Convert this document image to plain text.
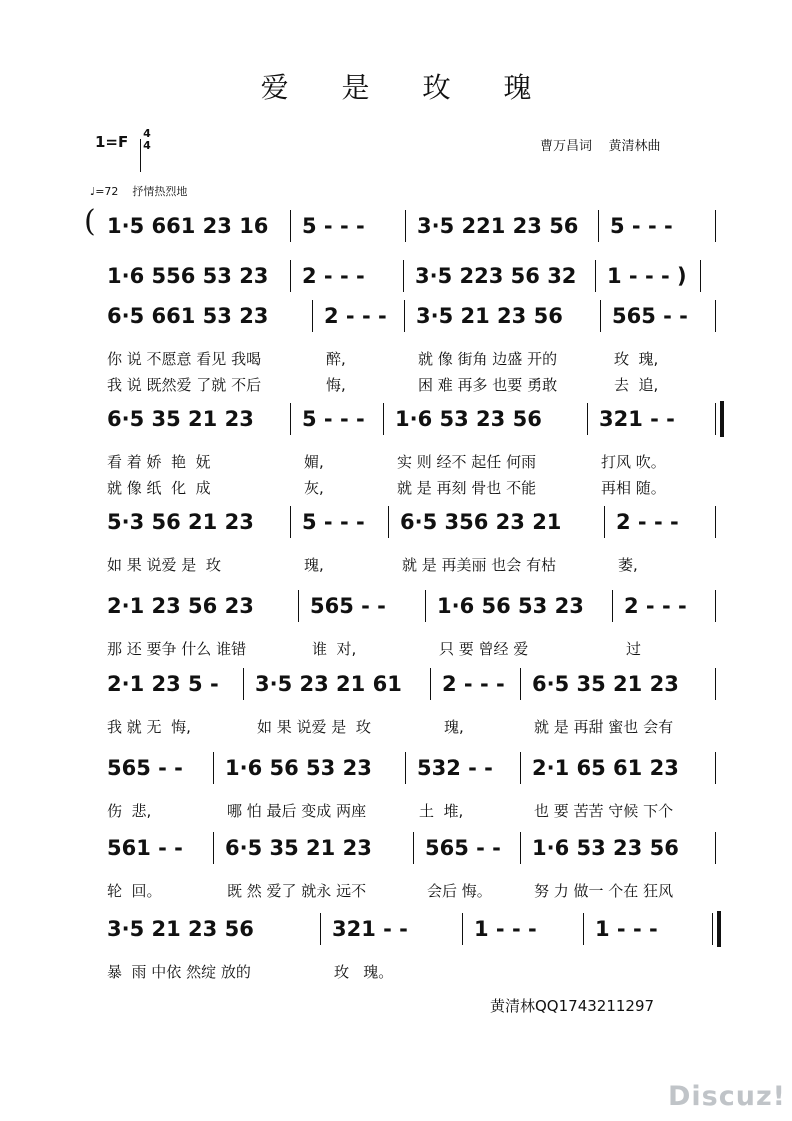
爱 是 玫 瑰
1=F 4
4	曹万昌词    黄清林曲
♩=72    抒情热烈地
( 1·5 661 23 16	5 - - -	3·5 221 23 56	5 - - -
1·6 556 53 23	2 - - -	3·5 223 56 32	1 - - - )
6·5 661 53 23	2 - - -	3·5 21 23 56	565 - -
你 说 不愿意 看见 我喝	醉,	就 像 街角 边盛 开的	玫  瑰,
我 说 既然爱 了就 不后	悔,	困 难 再多 也要 勇敢	去  追,
6·5 35 21 23	5 - - -	1·6 53 23 56	321 - -
看 着 娇  艳  妩	媚,	实 则 经不 起任 何雨	打风 吹。
就 像 纸  化  成	灰,	就 是 再刻 骨也 不能	再相 随。
5·3 56 21 23	5 - - -	6·5 356 23 21	2 - - -
如 果 说爱 是  玫	瑰,	就 是 再美丽 也会 有枯	萎,
2·1 23 56 23	565 - -	1·6 56 53 23	2 - - -
那 还 要争 什么 谁错	谁  对,	只 要 曾经 爱	过
2·1 23 5 -	3·5 23 21 61	2 - - -	6·5 35 21 23
我 就 无  悔,	如 果 说爱 是  玫	瑰,	就 是 再甜 蜜也 会有
565 - -	1·6 56 53 23	532 - -	2·1 65 61 23
伤  悲,	哪 怕 最后 变成 两座	土  堆,	也 要 苦苦 守候 下个
561 - -	6·5 35 21 23	565 - -	1·6 53 23 56
轮  回。	既 然 爱了 就永 远不	会后 悔。	努 力 做一 个在 狂风
3·5 21 23 56	321 - -	1 - - -	1 - - -
暴  雨 中依 然绽 放的	玫   瑰。
黄清林QQ1743211297
Discuz!
